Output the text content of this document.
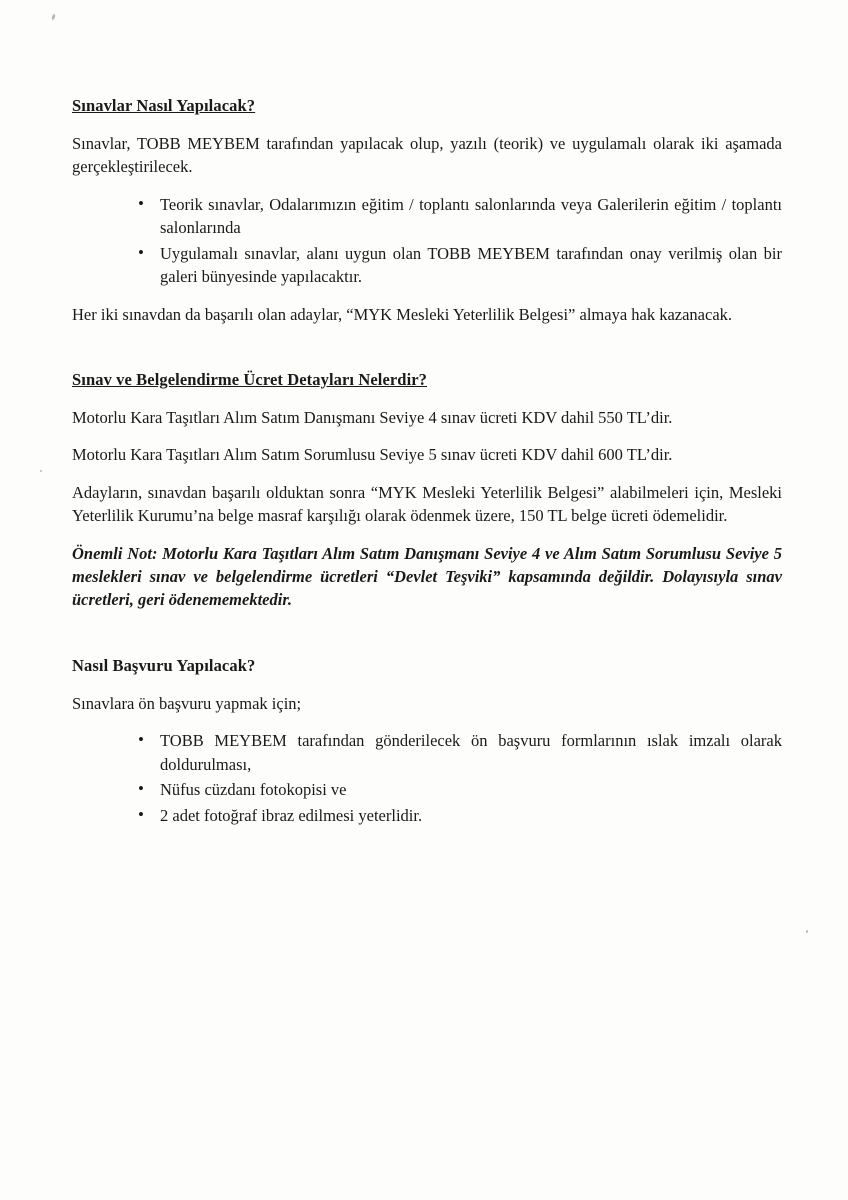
Sınavlar Nasıl Yapılacak?

Sınavlar, TOBB MEYBEM tarafından yapılacak olup, yazılı (teorik) ve uygulamalı olarak iki aşamada gerçekleştirilecek.

• Teorik sınavlar, Odalarımızın eğitim / toplantı salonlarında veya Galerilerin eğitim / toplantı salonlarında
• Uygulamalı sınavlar, alanı uygun olan TOBB MEYBEM tarafından onay verilmiş olan bir galeri bünyesinde yapılacaktır.

Her iki sınavdan da başarılı olan adaylar, “MYK Mesleki Yeterlilik Belgesi” almaya hak kazanacak.

Sınav ve Belgelendirme Ücret Detayları Nelerdir?

Motorlu Kara Taşıtları Alım Satım Danışmanı Seviye 4 sınav ücreti KDV dahil 550 TL’dir.

Motorlu Kara Taşıtları Alım Satım Sorumlusu Seviye 5 sınav ücreti KDV dahil 600 TL’dir.

Adayların, sınavdan başarılı olduktan sonra “MYK Mesleki Yeterlilik Belgesi” alabilmeleri için, Mesleki Yeterlilik Kurumu’na belge masraf karşılığı olarak ödenmek üzere, 150 TL belge ücreti ödemelidir.

Önemli Not: Motorlu Kara Taşıtları Alım Satım Danışmanı Seviye 4 ve Alım Satım Sorumlusu Seviye 5 meslekleri sınav ve belgelendirme ücretleri “Devlet Teşviki” kapsamında değildir. Dolayısıyla sınav ücretleri, geri ödenememektedir.

Nasıl Başvuru Yapılacak?

Sınavlara ön başvuru yapmak için;

• TOBB MEYBEM tarafından gönderilecek ön başvuru formlarının ıslak imzalı olarak doldurulması,
• Nüfus cüzdanı fotokopisi ve
• 2 adet fotoğraf ibraz edilmesi yeterlidir.
